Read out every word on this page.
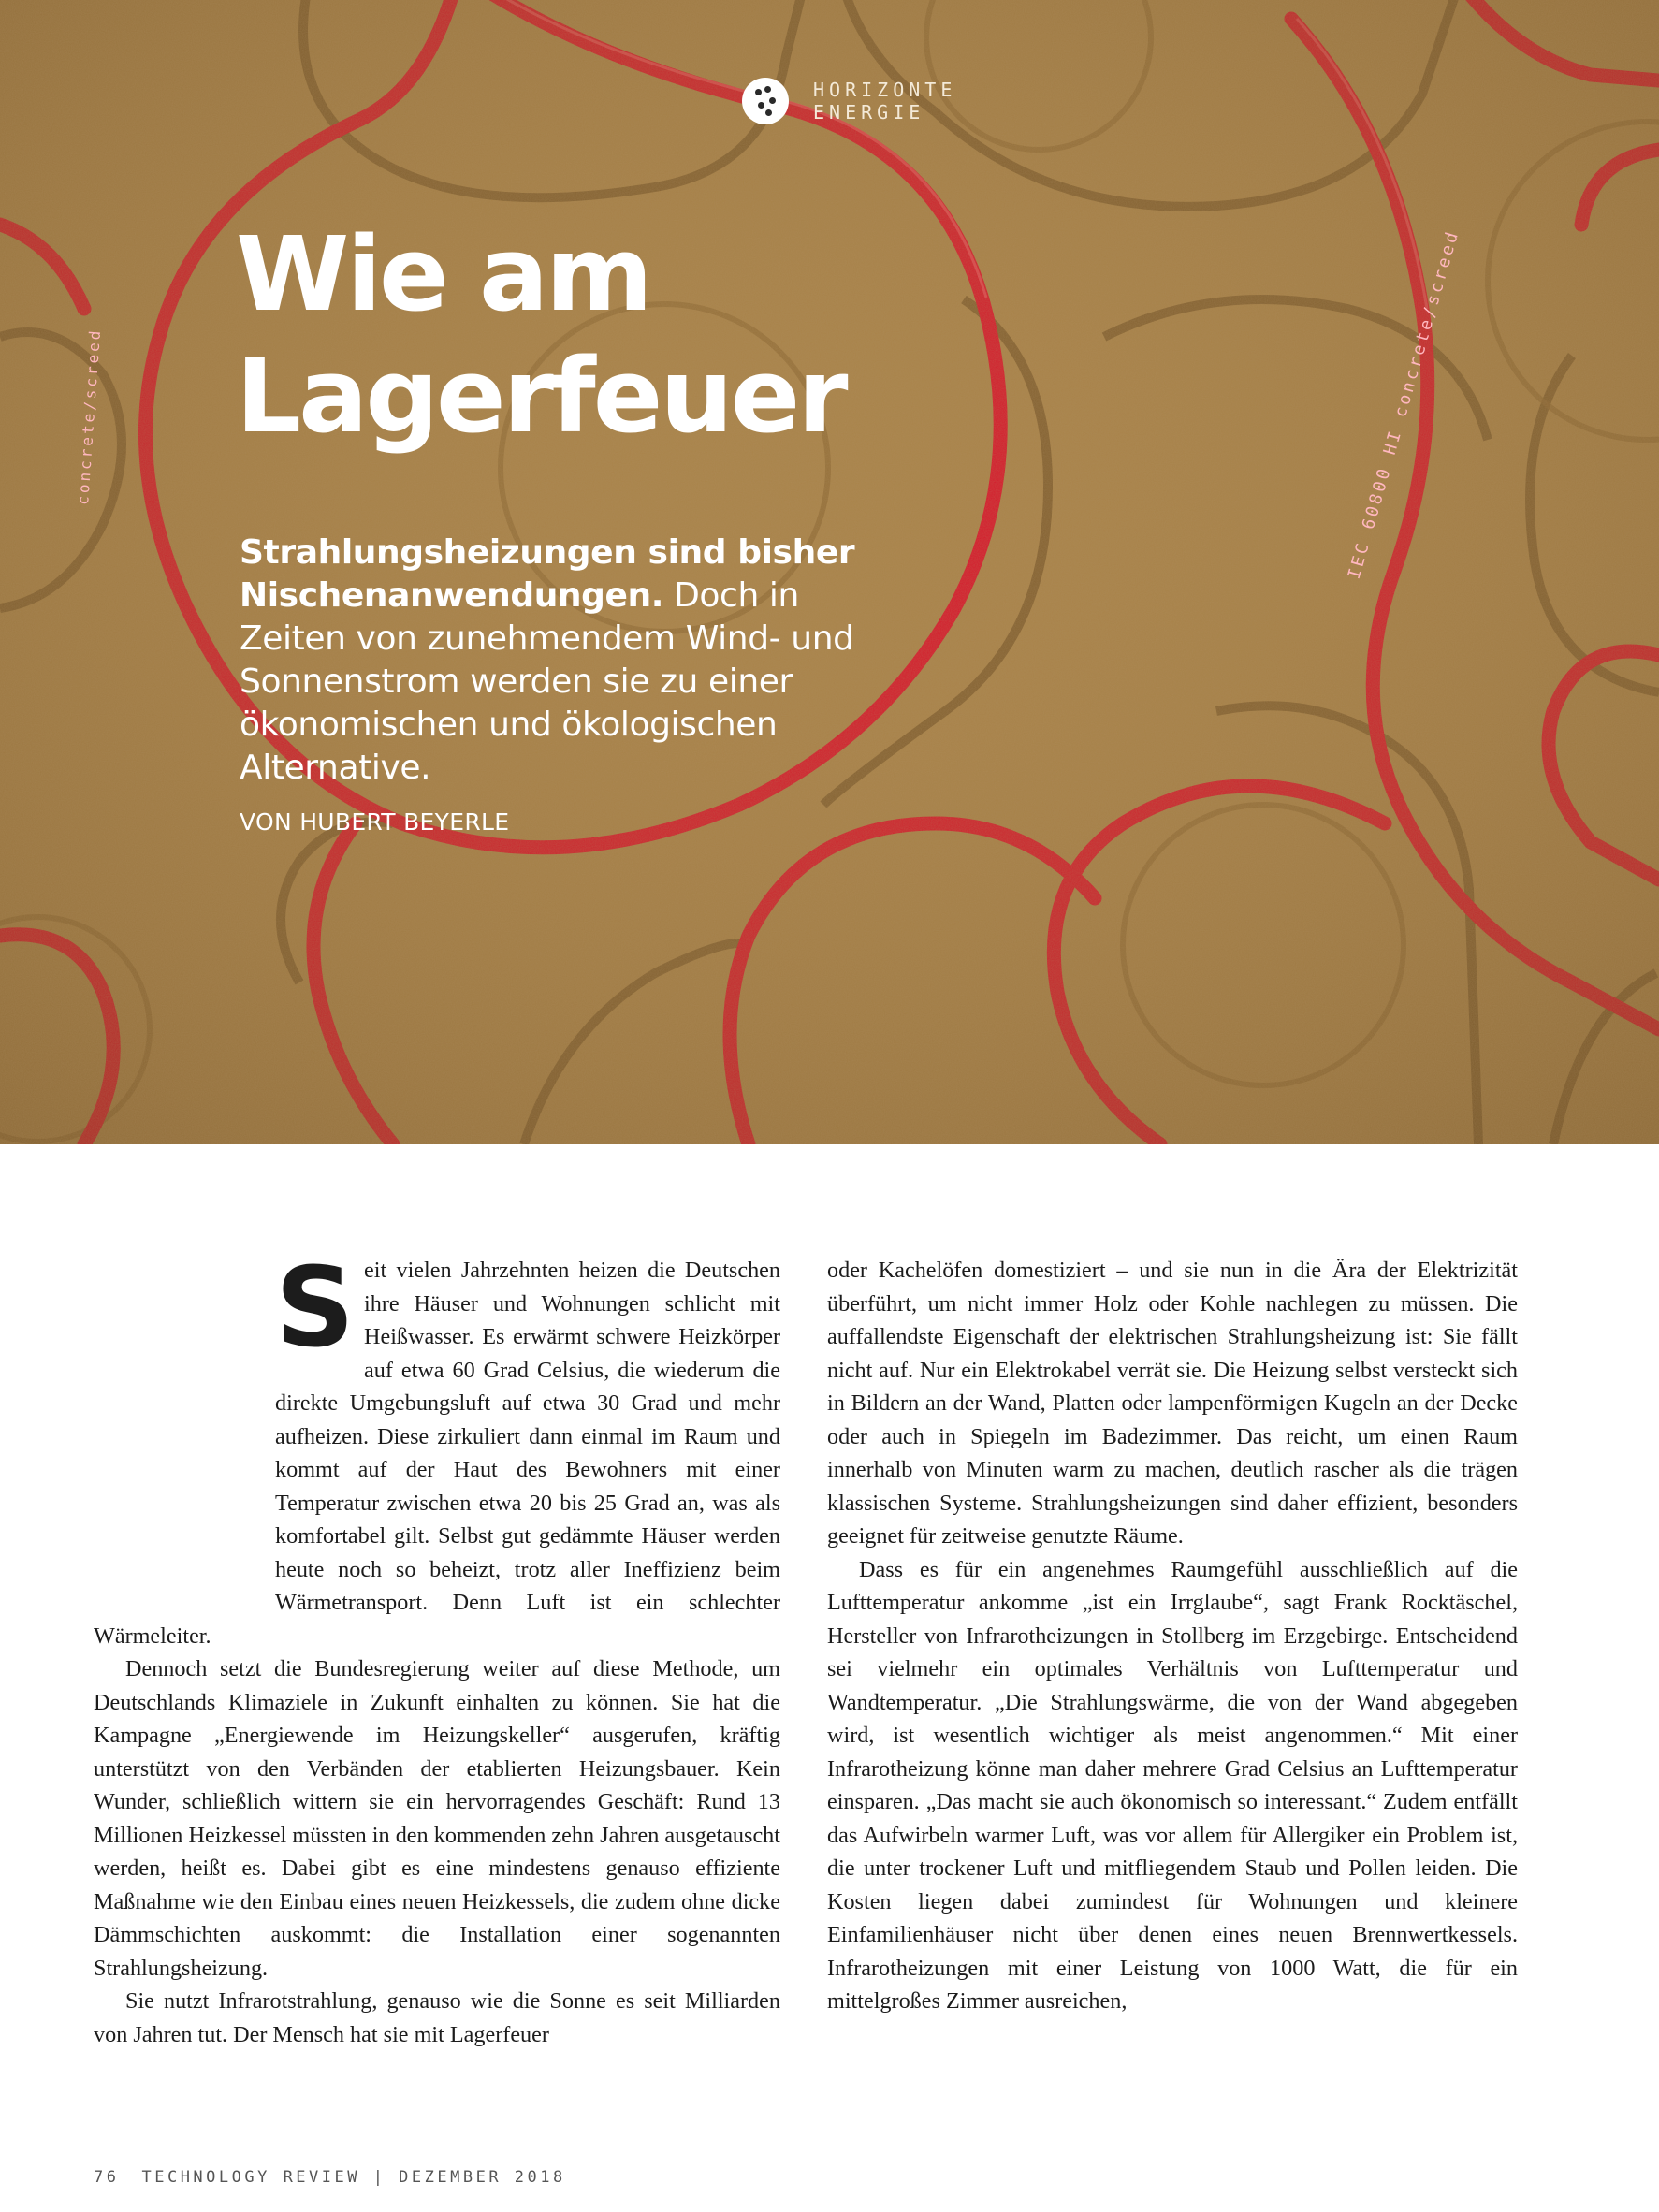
IEC 60800 HI concrete/screed
concrete/screed
HORIZONTE
ENERGIE
Wie am
Lagerfeuer
Strahlungsheizungen sind bisher Nischenanwendungen. Doch in Zeiten von zunehmendem Wind- und Sonnenstrom werden sie zu einer ökonomischen und ökologischen Alternative.
VON HUBERT BEYERLE

Seit vielen Jahrzehnten heizen die Deutschen ihre Häuser und Wohnungen schlicht mit Heißwasser. Es erwärmt schwere Heizkörper auf etwa 60 Grad Celsius, die wiederum die direkte Umgebungsluft auf etwa 30 Grad und mehr aufheizen. Diese zirkuliert dann einmal im Raum und kommt auf der Haut des Bewohners mit einer Temperatur zwischen etwa 20 bis 25 Grad an, was als komfortabel gilt. Selbst gut gedämmte Häuser werden heute noch so beheizt, trotz aller Ineffizienz beim Wärmetransport. Denn Luft ist ein schlechter Wärmeleiter.

Dennoch setzt die Bundesregierung weiter auf diese Methode, um Deutschlands Klimaziele in Zukunft einhalten zu können. Sie hat die Kampagne „Energiewende im Heizungskeller“ ausgerufen, kräftig unterstützt von den Verbänden der etablierten Heizungsbauer. Kein Wunder, schließlich wittern sie ein hervorragendes Geschäft: Rund 13 Millionen Heizkessel müssten in den kommenden zehn Jahren ausgetauscht werden, heißt es. Dabei gibt es eine mindestens genauso effiziente Maßnahme wie den Einbau eines neuen Heizkessels, die zudem ohne dicke Dämmschichten auskommt: die Installation einer sogenannten Strahlungsheizung.

Sie nutzt Infrarotstrahlung, genauso wie die Sonne es seit Milliarden von Jahren tut. Der Mensch hat sie mit Lagerfeuer

oder Kachelöfen domestiziert – und sie nun in die Ära der Elektrizität überführt, um nicht immer Holz oder Kohle nachlegen zu müssen. Die auffallendste Eigenschaft der elektrischen Strahlungsheizung ist: Sie fällt nicht auf. Nur ein Elektrokabel verrät sie. Die Heizung selbst versteckt sich in Bildern an der Wand, Platten oder lampenförmigen Kugeln an der Decke oder auch in Spiegeln im Badezimmer. Das reicht, um einen Raum innerhalb von Minuten warm zu machen, deutlich rascher als die trägen klassischen Systeme. Strahlungsheizungen sind daher effizient, besonders geeignet für zeitweise genutzte Räume.

Dass es für ein angenehmes Raumgefühl ausschließlich auf die Lufttemperatur ankomme „ist ein Irrglaube“, sagt Frank Rocktäschel, Hersteller von Infrarotheizungen in Stollberg im Erzgebirge. Entscheidend sei vielmehr ein optimales Verhältnis von Lufttemperatur und Wandtemperatur. „Die Strahlungswärme, die von der Wand abgegeben wird, ist wesentlich wichtiger als meist angenommen.“ Mit einer Infrarotheizung könne man daher mehrere Grad Celsius an Lufttemperatur einsparen. „Das macht sie auch ökonomisch so interessant.“ Zudem entfällt das Aufwirbeln warmer Luft, was vor allem für Allergiker ein Problem ist, die unter trockener Luft und mitfliegendem Staub und Pollen leiden. Die Kosten liegen dabei zumindest für Wohnungen und kleinere Einfamilienhäuser nicht über denen eines neuen Brennwertkessels. Infrarotheizungen mit einer Leistung von 1000 Watt, die für ein mittelgroßes Zimmer ausreichen,

76 TECHNOLOGY REVIEW | DEZEMBER 2018
